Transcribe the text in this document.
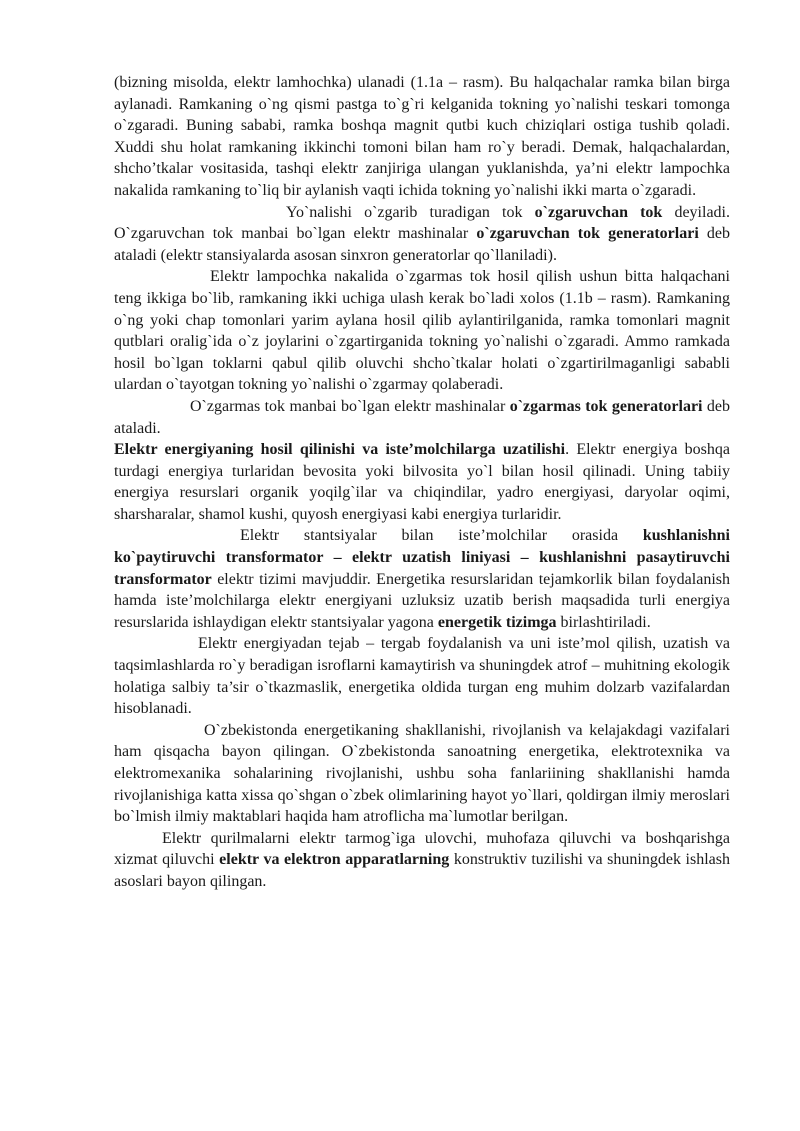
(bizning misolda, elektr lamhochka) ulanadi (1.1a – rasm). Bu halqachalar ramka bilan birga aylanadi. Ramkaning o`ng qismi pastga to`g`ri kelganida tokning yo`nalishi teskari tomonga o`zgaradi. Buning sababi, ramka boshqa magnit qutbi kuch chiziqlari ostiga tushib qoladi. Xuddi shu holat ramkaning ikkinchi tomoni bilan ham ro`y beradi. Demak, halqachalardan, shcho’tkalar vositasida, tashqi elektr zanjiriga ulangan yuklanishda, ya’ni elektr lampochka nakalida ramkaning to`liq bir aylanish vaqti ichida tokning yo`nalishi ikki marta o`zgaradi.

Yo`nalishi o`zgarib turadigan tok o`zgaruvchan tok deyiladi. O`zgaruvchan tok manbai bo`lgan elektr mashinalar o`zgaruvchan tok generatorlari deb ataladi (elektr stansiyalarda asosan sinxron generatorlar qo`llaniladi).

Elektr lampochka nakalida o`zgarmas tok hosil qilish ushun bitta halqachani teng ikkiga bo`lib, ramkaning ikki uchiga ulash kerak bo`ladi xolos (1.1b – rasm). Ramkaning o`ng yoki chap tomonlari yarim aylana hosil qilib aylantirilganida, ramka tomonlari magnit qutblari oralig`ida o`z joylarini o`zgartirganida tokning yo`nalishi o`zgaradi. Ammo ramkada hosil bo`lgan toklarni qabul qilib oluvchi shcho`tkalar holati o`zgartirilmaganligi sababli ulardan o`tayotgan tokning yo`nalishi o`zgarmay qolaberadi.

O`zgarmas tok manbai bo`lgan elektr mashinalar o`zgarmas tok generatorlari deb ataladi.

Elektr energiyaning hosil qilinishi va iste’molchilarga uzatilishi. Elektr energiya boshqa turdagi energiya turlaridan bevosita yoki bilvosita yo`l bilan hosil qilinadi. Uning tabiiy energiya resurslari organik yoqilg`ilar va chiqindilar, yadro energiyasi, daryolar oqimi, sharsharalar, shamol kushi, quyosh energiyasi kabi energiya turlaridir.

Elektr stantsiyalar bilan iste’molchilar orasida kushlanishni ko`paytiruvchi transformator – elektr uzatish liniyasi – kushlanishni pasaytiruvchi transformator elektr tizimi mavjuddir. Energetika resurslaridan tejamkorlik bilan foydalanish hamda iste’molchilarga elektr energiyani uzluksiz uzatib berish maqsadida turli energiya resurslarida ishlaydigan elektr stantsiyalar yagona energetik tizimga birlashtiriladi.

Elektr energiyadan tejab – tergab foydalanish va uni iste’mol qilish, uzatish va taqsimlashlarda ro`y beradigan isroflarni kamaytirish va shuningdek atrof – muhitning ekologik holatiga salbiy ta’sir o`tkazmaslik, energetika oldida turgan eng muhim dolzarb vazifalardan hisoblanadi.

O`zbekistonda energetikaning shakllanishi, rivojlanish va kelajakdagi vazifalari ham qisqacha bayon qilingan. O`zbekistonda sanoatning energetika, elektrotexnika va elektromexanika sohalarining rivojlanishi, ushbu soha fanlariining shakllanishi hamda rivojlanishiga katta xissa qo`shgan o`zbek olimlarining hayot yo`llari, qoldirgan ilmiy meroslari bo`lmish ilmiy maktablari haqida ham atroflicha ma`lumotlar berilgan.

Elektr qurilmalarni elektr tarmog`iga ulovchi, muhofaza qiluvchi va boshqarishga xizmat qiluvchi elektr va elektron apparatlarning konstruktiv tuzilishi va shuningdek ishlash asoslari bayon qilingan.
